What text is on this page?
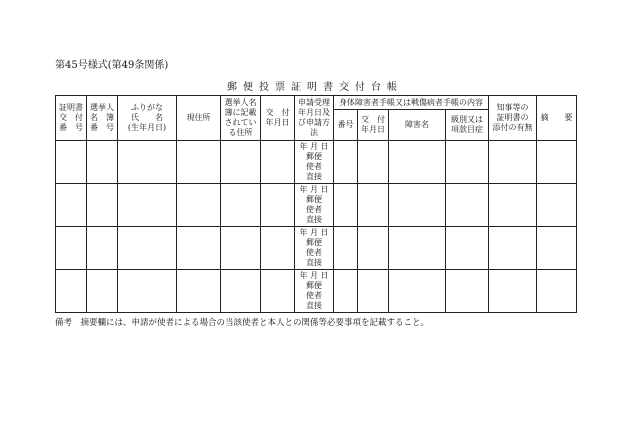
第45号様式(第49条関係)
郵便投票証明書交付台帳
証明書
交　付
番　号	選挙人
名　簿
番　号	ふりがな
氏　　名
(生年月日)	現住所	選挙人名
簿に記載
されてい
る住所	交　付
年月日	申請受理
年月日及
び申請方
法	身体障害者手帳又は戦傷病者手帳の内容				知事等の
証明書の
添付の有無	摘　　要
							番号	交　付
年月日	障害名	級別又は
項款目症		

						年 月 日
郵便
使者
直接						

						年 月 日
郵便
使者
直接						

						年 月 日
郵便
使者
直接						

						年 月 日
郵便
使者
直接						

備考　摘要欄には、申請が使者による場合の当該使者と本人との関係等必要事項を記載すること。
